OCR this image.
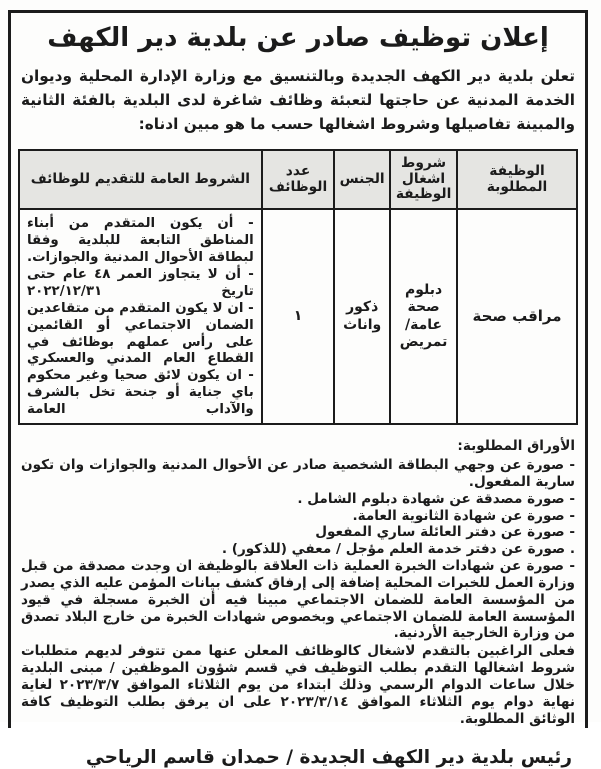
إعلان توظيف صادر عن بلدية دير الكهف

تعلن بلدية دير الكهف الجديدة وبالتنسيق مع وزارة الإدارة المحلية وديوان الخدمة المدنية عن حاجتها لتعبئة وظائف شاغرة لدى البلدية بالفئة الثانية والمبينة تفاصيلها وشروط اشغالها حسب ما هو مبين ادناه:

الوظيفة المطلوبة	شروط اشغال الوظيفة	الجنس	عدد الوظائف	الشروط العامة للتقديم للوظائف
مراقب صحة	دبلوم صحة عامة/ تمريض	ذكور واناث	١	- أن يكون المتقدم من أبناء المناطق التابعة للبلدية وفقا لبطاقة الأحوال المدنية والجوازات.
- أن لا يتجاوز العمر ٤٨ عام حتى تاريخ ٢٠٢٢/١٢/٣١
- ان لا يكون المتقدم من متقاعدين الضمان الاجتماعي أو القائمين على رأس عملهم بوظائف في القطاع العام المدني والعسكري
- ان يكون لائق صحيا وغير محكوم باي جناية أو جنحة تخل بالشرف والآداب العامة
الأوراق المطلوبة:
- صورة عن وجهي البطاقة الشخصية صادر عن الأحوال المدنية والجوازات وان تكون سارية المفعول.
- صورة مصدقة عن شهادة دبلوم الشامل .
- صورة عن شهادة الثانوية العامة.
- صورة عن دفتر العائلة ساري المفعول
. صورة عن دفتر خدمة العلم مؤجل / معفي (للذكور) .
- صورة عن شهادات الخبرة العملية ذات العلاقة بالوظيفة ان وجدت مصدقة من قبل وزارة العمل للخبرات المحلية إضافة إلى إرفاق كشف بيانات المؤمن عليه الذي يصدر من المؤسسة العامة للضمان الاجتماعي مبينا فيه أن الخبرة مسجلة في قيود المؤسسة العامة للضمان الاجتماعي وبخصوص شهادات الخبرة من خارج البلاد تصدق من وزارة الخارجية الأردنية.
فعلى الراغبين بالتقدم لاشغال كالوظائف المعلن عنها ممن تتوفر لديهم متطلبات شروط اشغالها التقدم بطلب التوظيف في قسم شؤون الموظفين / مبنى البلدية خلال ساعات الدوام الرسمي وذلك ابتداء من يوم الثلاثاء الموافق ٢٠٢٣/٣/٧ لغاية نهاية دوام يوم الثلاثاء الموافق ٢٠٢٣/٣/١٤ على ان يرفق بطلب التوظيف كافة الوثائق المطلوبة.
رئيس بلدية دير الكهف الجديدة / حمدان قاسم الرياحي
